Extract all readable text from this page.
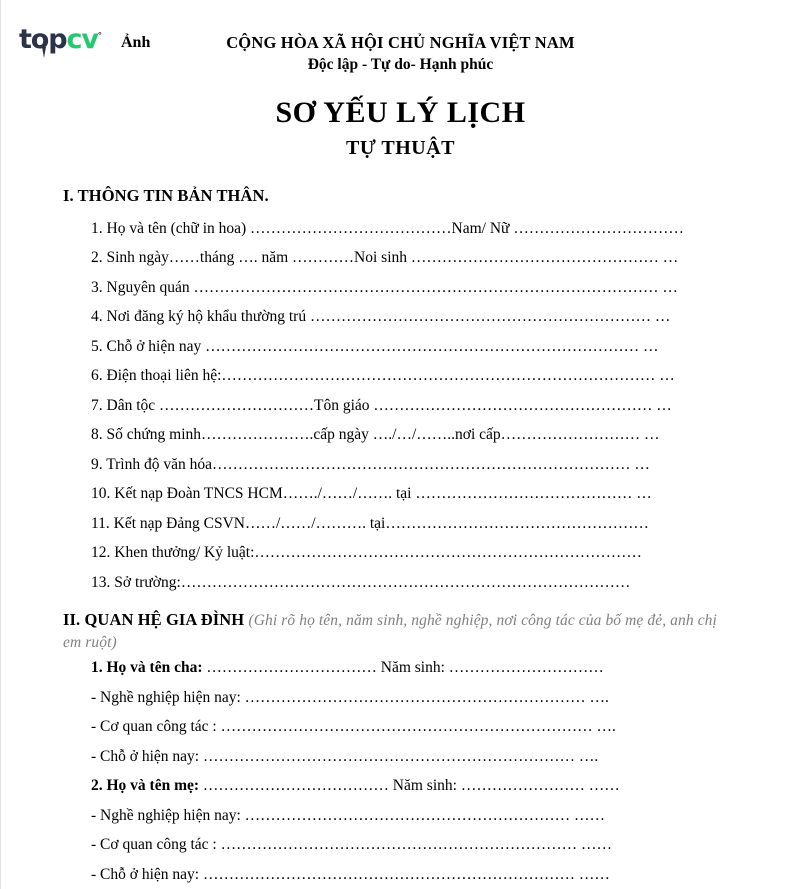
topcv° Ảnh	CỘNG HÒA XÃ HỘI CHỦ NGHĨA VIỆT NAM
Độc lập - Tự do- Hạnh phúc
SƠ YẾU LÝ LỊCH
TỰ THUẬT
I. THÔNG TIN BẢN THÂN.
1. Họ và tên (chữ in hoa) …………………………………Nam/ Nữ ……………………………
2. Sinh ngày……tháng …. năm …………Noi sinh ………………………………………… …
3. Nguyên quán ……………………………………………………………………………… …
4. Nơi đăng ký hộ khẩu thường trú ………………………………………………………… …
5. Chỗ ở hiện nay ………………………………………………………………………… …
6. Điện thoại liên hệ:………………………………………………………………………… …
7. Dân tộc …………………………Tôn giáo ……………………………………………… …
8. Số chứng minh………………….cấp ngày …./…/……..nơi cấp……………………… …
9. Trình độ văn hóa……………………………………………………………………… …
10. Kết nạp Đoàn TNCS HCM……./……/……. tại …………………………………… …
11. Kết nạp Đảng CSVN……/……/………. tại……………………………………………
12. Khen thưởng/ Kỷ luật:…………………………………………………………………
13. Sở trường:……………………………………………………………………………
II. QUAN HỆ GIA ĐÌNH (Ghi rõ họ tên, năm sinh, nghề nghiệp, nơi công tác của bố mẹ đẻ, anh chị em ruột)
1. Họ và tên cha: …………………………… Năm sinh: …………………………
- Nghề nghiệp hiện nay: ………………………………………………………… ….
- Cơ quan công tác : ……………………………………………………………… ….
- Chỗ ở hiện nay: ……………………………………………………………… ….
2. Họ và tên mẹ: ……………………………… Năm sinh: …………………… ……
- Nghề nghiệp hiện nay: ……………………………………………………… ……
- Cơ quan công tác : …………………………………………………………… ……
- Chỗ ở hiện nay: ……………………………………………………………… ……
